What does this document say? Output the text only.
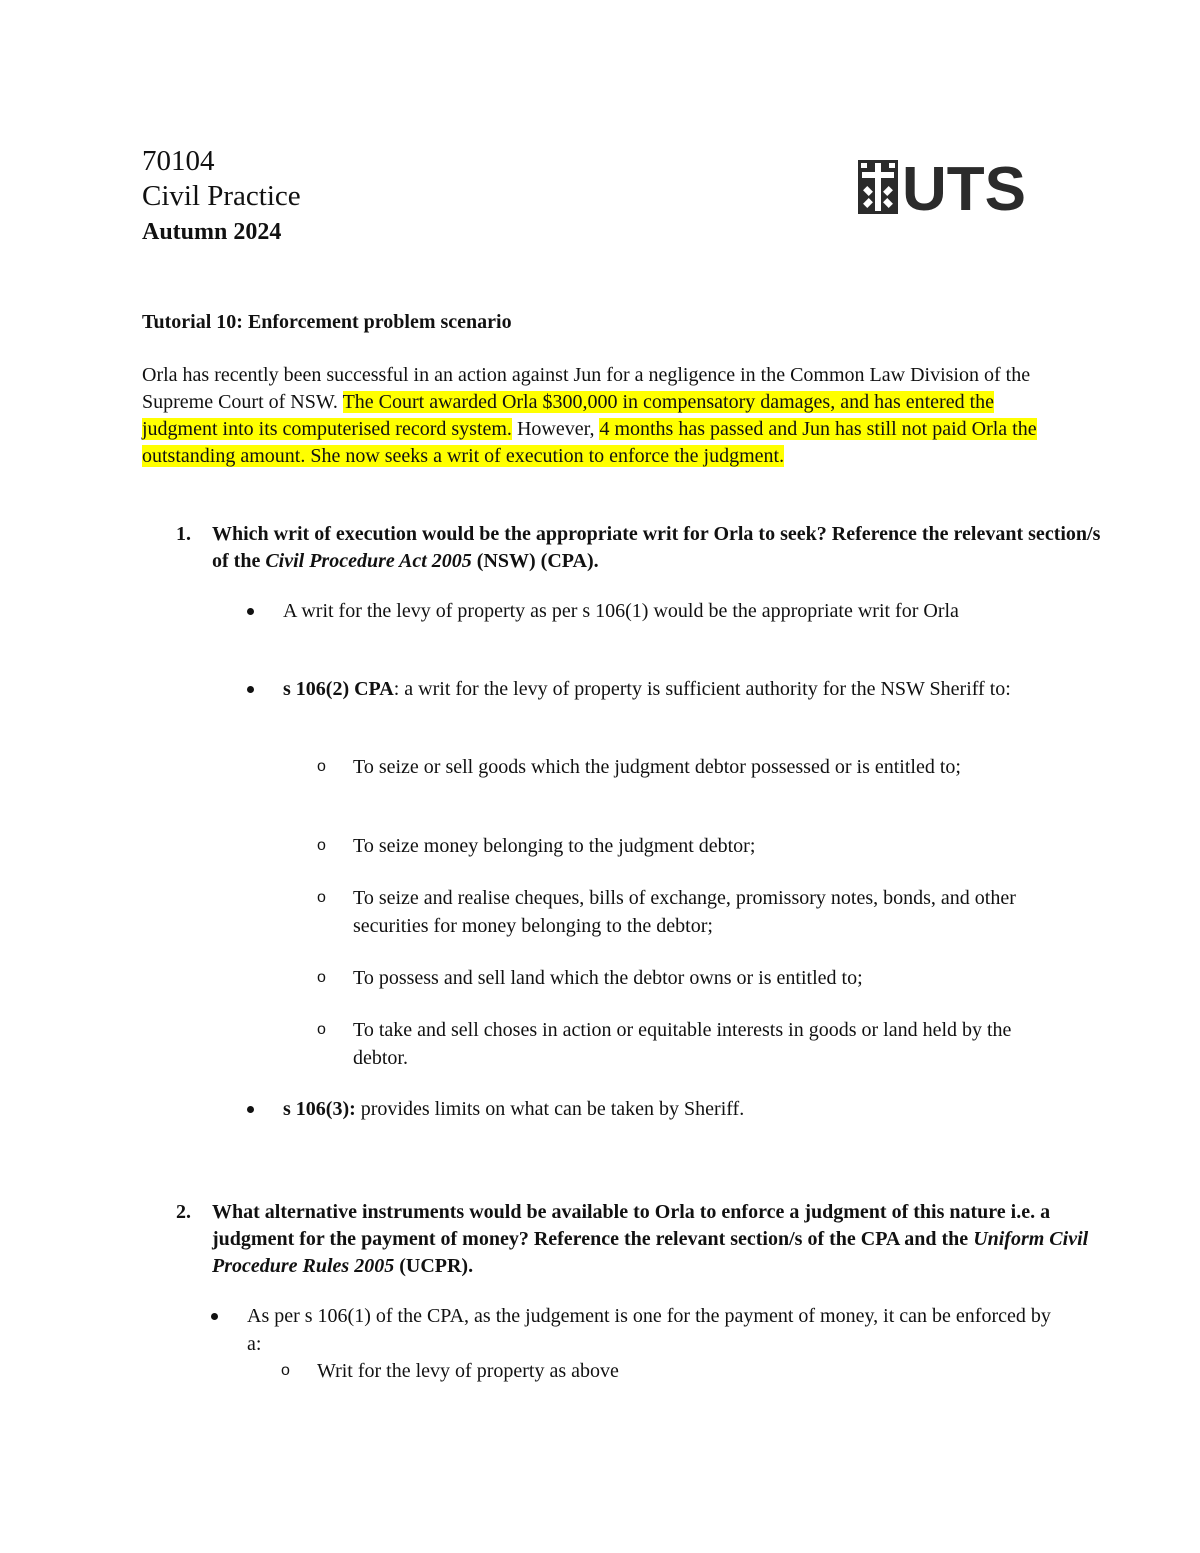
70104
Civil Practice
Autumn 2024
UTS
Tutorial 10: Enforcement problem scenario
Orla has recently been successful in an action against Jun for a negligence in the Common Law Division of the Supreme Court of NSW. The Court awarded Orla $300,000 in compensatory damages, and has entered the judgment into its computerised record system. However, 4 months has passed and Jun has still not paid Orla the outstanding amount. She now seeks a writ of execution to enforce the judgment.
1. Which writ of execution would be the appropriate writ for Orla to seek? Reference the relevant section/s of the Civil Procedure Act 2005 (NSW) (CPA).
A writ for the levy of property as per s 106(1) would be the appropriate writ for Orla
s 106(2) CPA: a writ for the levy of property is sufficient authority for the NSW Sheriff to:
o To seize or sell goods which the judgment debtor possessed or is entitled to;
o To seize money belonging to the judgment debtor;
o To seize and realise cheques, bills of exchange, promissory notes, bonds, and other securities for money belonging to the debtor;
o To possess and sell land which the debtor owns or is entitled to;
o To take and sell choses in action or equitable interests in goods or land held by the debtor.
s 106(3): provides limits on what can be taken by Sheriff.
2. What alternative instruments would be available to Orla to enforce a judgment of this nature i.e. a judgment for the payment of money? Reference the relevant section/s of the CPA and the Uniform Civil Procedure Rules 2005 (UCPR).
As per s 106(1) of the CPA, as the judgement is one for the payment of money, it can be enforced by a:
o Writ for the levy of property as above
